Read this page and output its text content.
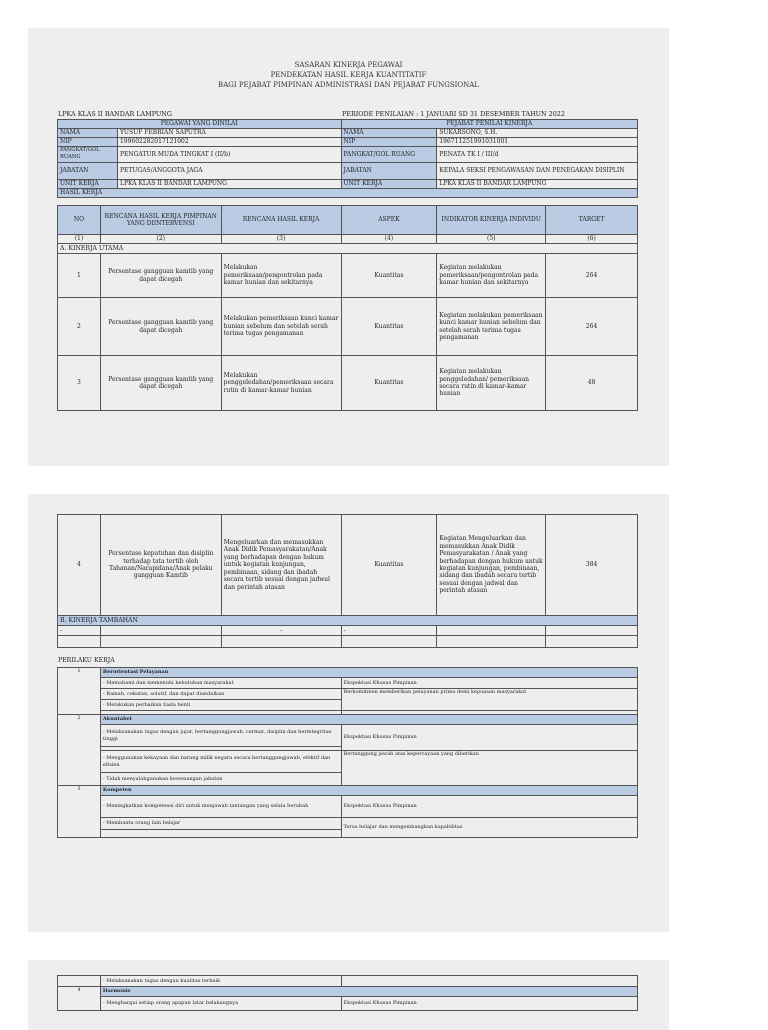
SASARAN KINERJA PEGAWAI
PENDEKATAN HASIL KERJA KUANTITATIF
BAGI PEJABAT PIMPINAN ADMINISTRASI DAN PEJABAT FUNGSIONAL
LPKA KLAS II BANDAR LAMPUNG	PERIODE PENILAIAN : 1 JANUARI SD 31 DESEMBER TAHUN 2022
PEGAWAI YANG DINILAI		PEJABAT PENILAI KINERJA	
NAMA	YUSUF FEBRIAN SAPUTRA	NAMA	SUKARSONO, S.H.
NIP	199602282017121002	NIP	196711251991031001
PANGKAT/GOL RUANG	PENGATUR MUDA TINGKAT I (II/b)	PANGKAT/GOL RUANG	PENATA TK I / III/d
JABATAN	PETUGAS/ANGGOTA JAGA	JABATAN	KEPALA SEKSI PENGAWASAN DAN PENEGAKAN DISIPLIN
UNIT KERJA	LPKA KLAS II BANDAR LAMPUNG	UNIT KERJA	LPKA KLAS II BANDAR LAMPUNG
HASIL KERJA			
NO	RENCANA HASIL KERJA PIMPINAN YANG DIINTERVENSI	RENCANA HASIL KERJA	ASPEK	INDIKATOR KINERJA INDIVIDU	TARGET
(1)	(2)	(3)	(4)	(5)	(6)
A. KINERJA UTAMA					
1	Persentase gangguan kamtib yang dapat dicegah	Melakukan pemeriksaan/pengontrolan pada kamar hunian dan sekitarnya	Kuantitas	Kegiatan melakukan pemeriksaan/pengontrolan pada kamar hunian dan sekitarnya	264
2	Persentase gangguan kamtib yang dapat dicegah	Melakukan pemeriksaan kunci kamar hunian sebelum dan setelah serah terima tugas pengamanan	Kuantitas	Kegiatan melakukan pemeriksaan kunci kamar hunian sebelum dan setelah serah terima tugas pengamanan	264
3	Persentase gangguan kamtib yang dapat dicegah	Melakukan penggeledahan/pemeriksaan secara rutin di kamar-kamar hunian	Kuantitas	Kegiatan melakukan penggeledahan/ pemeriksaan secara rutin di kamar-kamar hunian	48
4	Persentase kepatuhan dan disiplin terhadap tata tertib oleh Tahanan/Narapidana/Anak pelaku gangguan Kamtib	Mengeluarkan dan memasukkan Anak Didik Pemasyarakatan/Anak yang berhadapan dengan hukum untuk kegiatan kunjungan, pembinaan, sidang dan ibadah secara tertib sesuai dengan jadwal dan perintah atasan	Kuantitas	Kegiatan Mengeluarkan dan memasukkan Anak Didik Pemasyarakatan / Anak yang berhadapan dengan hukum untuk kegiatan kunjungan, pembinaan, sidang dan ibadah secara tertib sesuai dengan jadwal dan perintah atasan	384
B. KINERJA TAMBAHAN					
-		-	-		

PERILAKU KERJA
1	Berorientasi Pelayanan	
	- Memahami dan memenuhi kebutuhan masyarakat	Ekspektasi Khusus Pimpinan
	- Ramah, cekatan, solutif, dan dapat diandalkan	Berkomitmen memberikan pelayanan prima demi kepuasan masyarakat
	- Melakukan perbaikan tiada henti	

2	Akuntabel	
	- Melaksanakan tugas dengan jujur, bertanggungjawab, cermat, disiplin dan berintegritas tinggi	Ekspektasi Khusus Pimpinan

	- Menggunakan kekayaan dan barang milik negara secara bertanggungjawab, efektif dan efisien	Bertanggung jawab atas kepercayaan yang diberikan
	- Tidak menyalahgunakan kewenangan jabatan	
3	Kompeten	
	- Meningkatkan kompetensi diri untuk menjawab tantangan yang selalu berubah	Ekspektasi Khusus Pimpinan
	- Membantu orang lain belajar	Terus belajar dan mengembangkan kapabilitas

	- Melaksanakan tugas dengan kualitas terbaik	
4	Harmonis	
	- Menghargai setiap orang apapun latar belakangnya	Ekspektasi Khusus Pimpinan
